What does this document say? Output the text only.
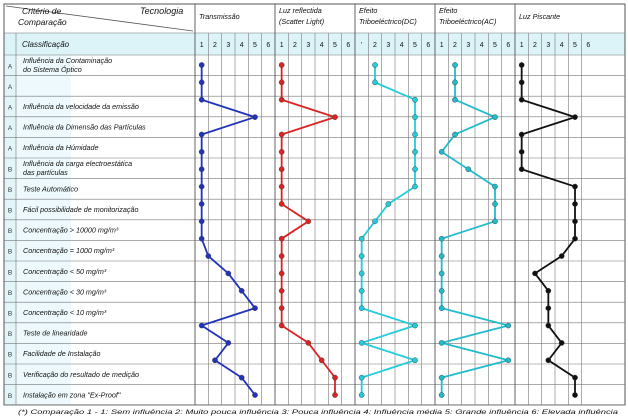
Critério de
Comparação
Tecnologia
Classificação
Transmissão
1 2 3 4 5 6
Luz reflectida
(Scatter Light)
1 2 3 4 5 6
Efeito
Triboeléctrico(DC)
' 2 3 4 5 6
Efeito
Triboeléctrico(AC)
1 2 3 4 5 6
Luz Piscante
1 2 3 4 5 6
A
Influência da Contaminação
do Sistema Óptico
A
A Influência da velocidade da emissão
A Influência da Dimensão das Partículas
A Influência da Húmidade
B
Influência da carga electroestática
das partículas
B Teste Automático
B Fácil possibilidade de monitorização
B Concentração > 10000 mg/m³
B Concentração = 1000 mg/m³
B Concentração < 50 mg/m³
B Concentração < 30 mg/m³
B Concentração < 10 mg/m³
B Teste de linearidade
B Facilidade de Instalação
B Verificação do resultado de medição
B Instalação em zona "Ex-Proof"
(*) Comparação 1 - 1: Sem influência 2: Muito pouca influência 3: Pouca influência 4: Influência média 5: Grande influência 6: Elevada influência
